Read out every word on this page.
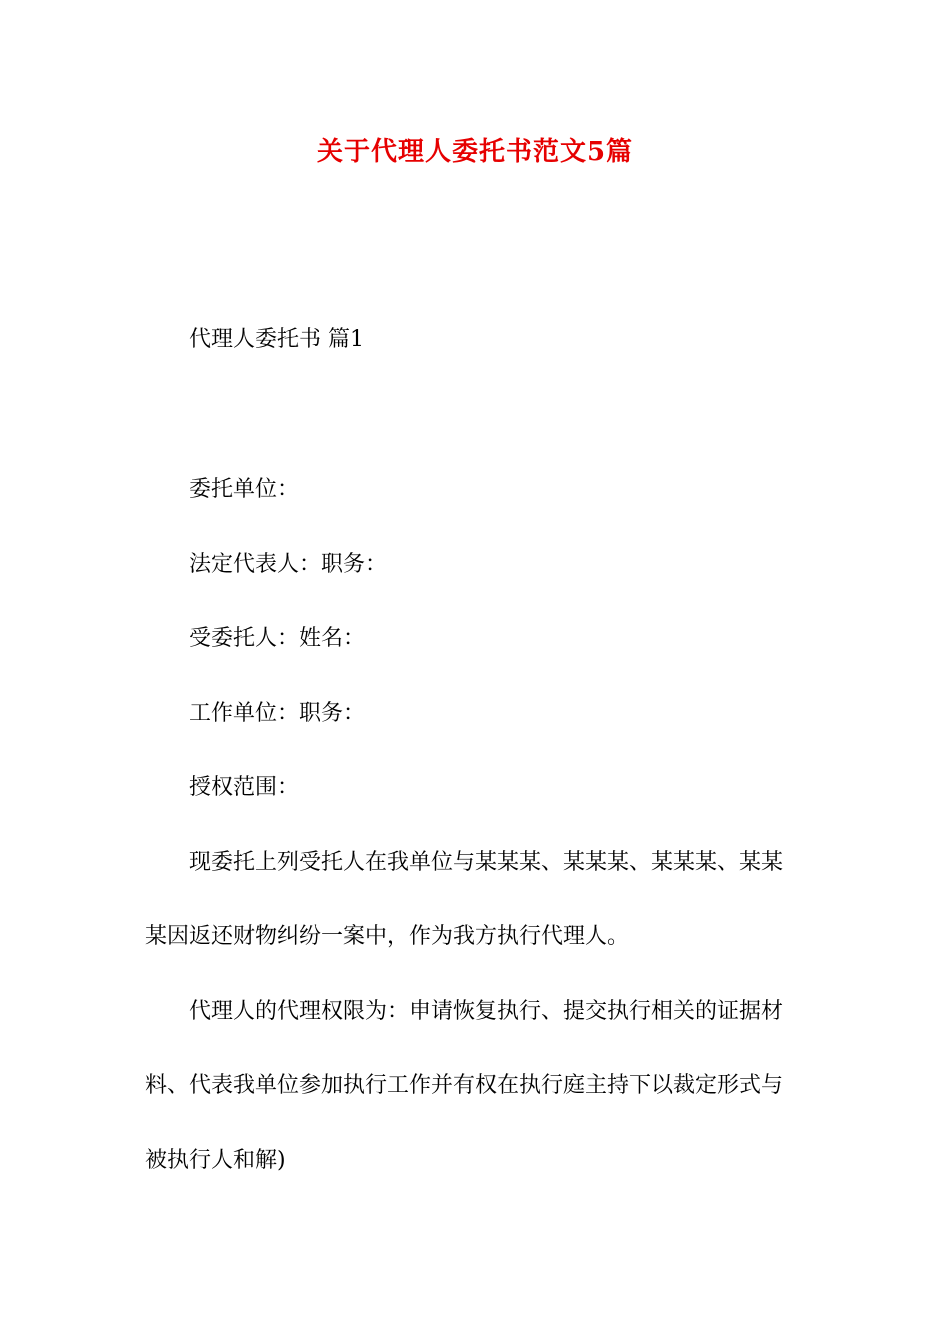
关于代理人委托书范文5篇
代理人委托书 篇1
委托单位：
法定代表人：职务：
受委托人：姓名：
工作单位：职务：
授权范围：
现委托上列受托人在我单位与某某某、某某某、某某某、某某
某因返还财物纠纷一案中，作为我方执行代理人。
代理人的代理权限为：申请恢复执行、提交执行相关的证据材
料、代表我单位参加执行工作并有权在执行庭主持下以裁定形式与
被执行人和解)
